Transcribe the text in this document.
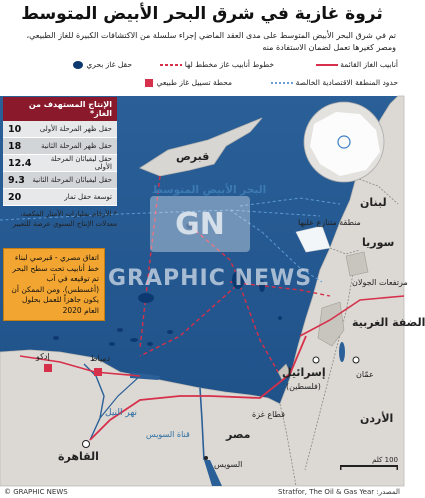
ثروة غازية في شرق البحر الأبيض المتوسط
تم في شرق البحر الأبيض المتوسط على مدى العقد الماضي إجراء سلسلة من الاكتشافات الكبيرة للغاز الطبيعي، ومصر كغيرها تعمل لضمان الاستفادة منه
أنابيب الغاز القائمة
خطوط أنابيب غاز مخطط لها
حقل غاز بحري
حدود المنطقة الاقتصادية الخالصة
محطة تسييل غاز طبيعي
GN
GRAPHIC NEWS
قبرص
البحر الأبيض المتوسط
منطقة متنازع عليها
لبنان
سوريا
مرتفعات الجولان
الضفة الغربية
إسرائيل
(فلسطين)
قطاع غزة
عمّان
الأردن
مصر
القاهرة
السويس
قناة السويس
نهر النيل
دمياط
إدكو
الإنتاج المستهدف من الغاز*
10	حقل ظهر المرحلة الأولى
18	حقل ظهر المرحلة الثانية
12.4	حقل ليفياثان المرحلة الأولى
9.3 حقل ليفياثان المرحلة الثانية
20	توسعة حقل تمار
* الأرقام بمليارات الأمتار المكعبة، معدلات الإنتاج السنوي عرضة للتغيير
اتفاق مصري - قبرصي لبناء خط أنابيب تحت سطح البحر تم توقيعه في آب (أغسطس). ومن الممكن أن يكون جاهزاً للعمل بحلول العام 2020
100 كلم
© GRAPHIC NEWS	المصدر: Stratfor, The Oil & Gas Year
